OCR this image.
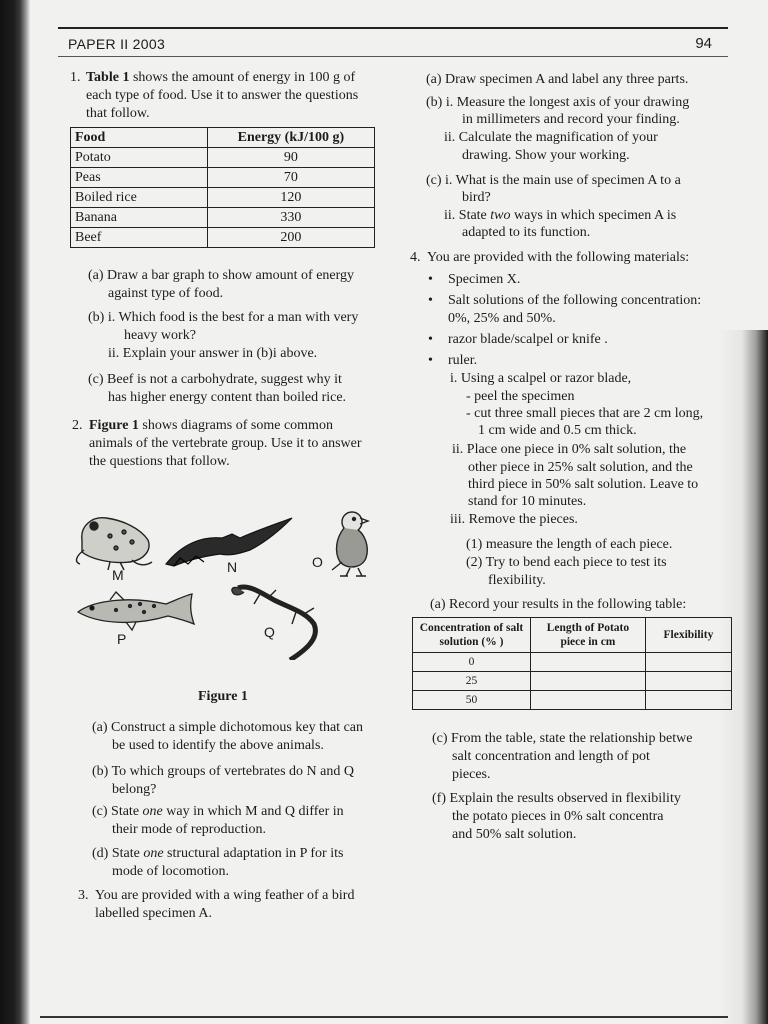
PAPER II 2003	94
1. Table 1 shows the amount of energy in 100 g of
each type of food. Use it to answer the questions
that follow.
Food	Energy (kJ/100 g)
Potato	90
Peas	70
Boiled rice	120
Banana	330
Beef	200
(a) Draw a bar graph to show amount of energy
against type of food.
(b) i. Which food is the best for a man with very
heavy work?
ii. Explain your answer in (b)i above.
(c) Beef is not a carbohydrate, suggest why it
has higher energy content than boiled rice.
2. Figure 1 shows diagrams of some common
animals of the vertebrate group. Use it to answer
the questions that follow.
M	N	O
P	Q
Figure 1
(a) Construct a simple dichotomous key that can
be used to identify the above animals.
(b) To which groups of vertebrates do N and Q
belong?
(c) State one way in which M and Q differ in
their mode of reproduction.
(d) State one structural adaptation in P for its
mode of locomotion.
3. You are provided with a wing feather of a bird
labelled specimen A.
(a) Draw specimen A and label any three parts.
(b) i. Measure the longest axis of your drawing
in millimeters and record your finding.
ii. Calculate the magnification of your
drawing. Show your working.
(c) i. What is the main use of specimen A to a
bird?
ii. State two ways in which specimen A is
adapted to its function.
4. You are provided with the following materials:
• Specimen X.
• Salt solutions of the following concentration:
0%, 25% and 50%.
• razor blade/scalpel or knife .
• ruler.
i. Using a scalpel or razor blade,
- peel the specimen
- cut three small pieces that are 2 cm long,
1 cm wide and 0.5 cm thick.
ii. Place one piece in 0% salt solution, the
other piece in 25% salt solution, and the
third piece in 50% salt solution. Leave to
stand for 10 minutes.
iii. Remove the pieces.
(1) measure the length of each piece.
(2) Try to bend each piece to test its
flexibility.
(a) Record your results in the following table:
Concentration of salt solution (% )	Length of Potato piece in cm	Flexibility
0		
25		
50		
(c) From the table, state the relationship betwe
salt concentration and length of pot
pieces.
(f) Explain the results observed in flexibility
the potato pieces in 0% salt concentra
and 50% salt solution.
